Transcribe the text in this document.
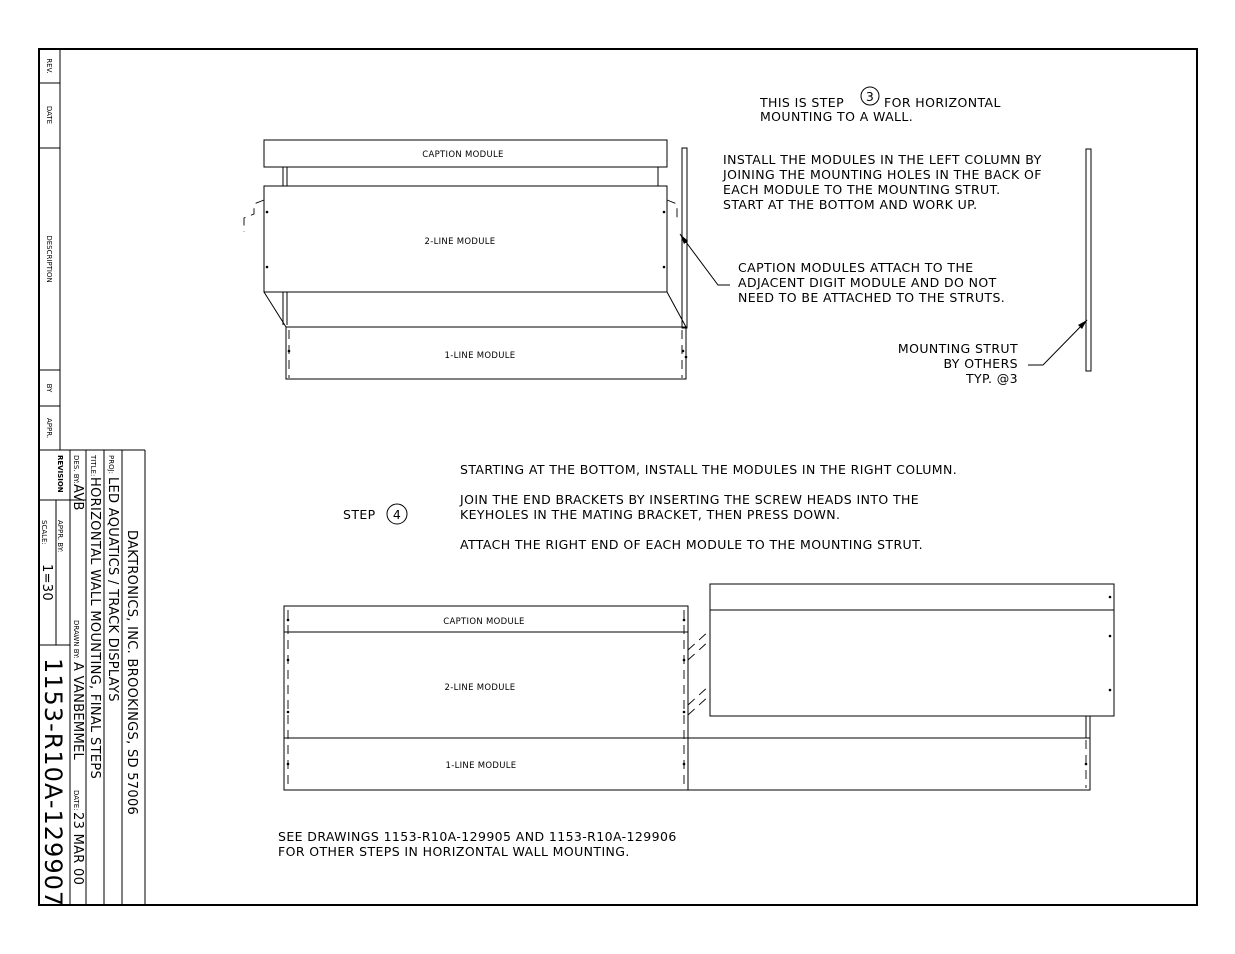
REV.
DATE
DESCRIPTION
BY
APPR.
DAKTRONICS, INC. BROOKINGS, SD 57006
PROJ:
LED AQUATICS / TRACK DISPLAYS
TITLE:
HORIZONTAL WALL MOUNTING, FINAL STEPS
DES. BY:
AVB
DRAWN BY:
A VANBEMMEL
DATE:
23 MAR 00
REVISION
APPR. BY:
SCALE:
1=30
1153-R10A-129907
CAPTION MODULE
2-LINE MODULE
1-LINE MODULE
THIS IS STEP 3 FOR HORIZONTAL
MOUNTING TO A WALL.
INSTALL THE MODULES IN THE LEFT COLUMN BY
JOINING THE MOUNTING HOLES IN THE BACK OF
EACH MODULE TO THE MOUNTING STRUT.
START AT THE BOTTOM AND WORK UP.
CAPTION MODULES ATTACH TO THE
ADJACENT DIGIT MODULE AND DO NOT
NEED TO BE ATTACHED TO THE STRUTS.
MOUNTING STRUT
BY OTHERS
TYP. @3
STARTING AT THE BOTTOM, INSTALL THE MODULES IN THE RIGHT COLUMN.
JOIN THE END BRACKETS BY INSERTING THE SCREW HEADS INTO THE
KEYHOLES IN THE MATING BRACKET, THEN PRESS DOWN.
ATTACH THE RIGHT END OF EACH MODULE TO THE MOUNTING STRUT.
STEP 4
CAPTION MODULE
2-LINE MODULE
1-LINE MODULE
SEE DRAWINGS 1153-R10A-129905 AND 1153-R10A-129906
FOR OTHER STEPS IN HORIZONTAL WALL MOUNTING.
